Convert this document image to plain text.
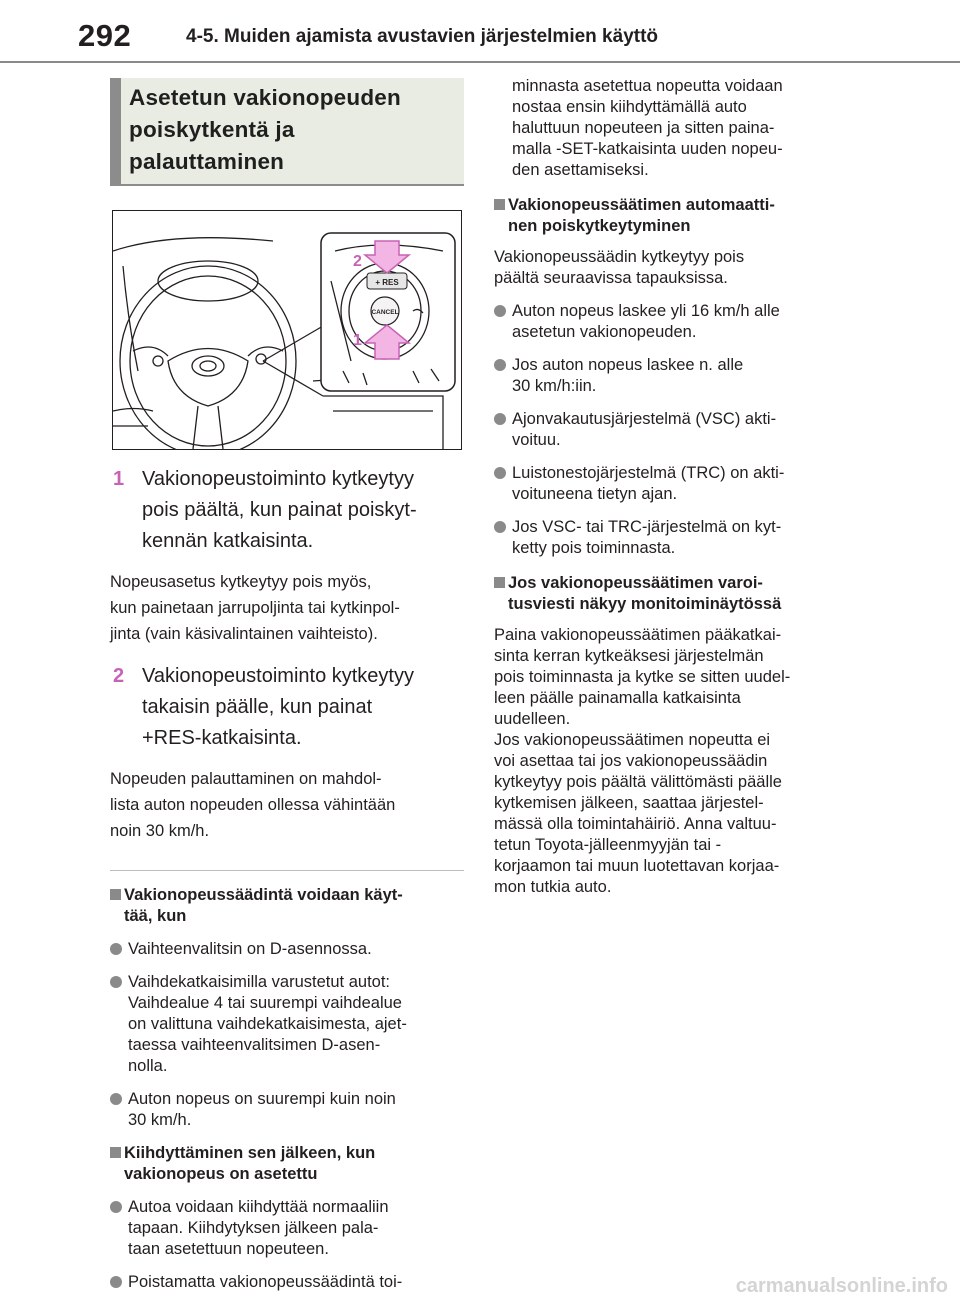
292	4-5. Muiden ajamista avustavien järjestelmien käyttö
Asetetun vakionopeuden
poiskytkentä ja
palauttaminen
+ RES
CANCEL
2
1
1 Vakionopeustoiminto kytkeytyy
pois päältä, kun painat poiskyt-
kennän katkaisinta.
Nopeusasetus kytkeytyy pois myös,
kun painetaan jarrupoljinta tai kytkinpol-
jinta (vain käsivalintainen vaihteisto).
2 Vakionopeustoiminto kytkeytyy
takaisin päälle, kun painat
+RES-katkaisinta.
Nopeuden palauttaminen on mahdol-
lista auton nopeuden ollessa vähintään
noin 30 km/h.
Vakionopeussäädintä voidaan käyt-
tää, kun
Vaihteenvalitsin on D-asennossa.
Vaihdekatkaisimilla varustetut autot:
Vaihdealue 4 tai suurempi vaihdealue
on valittuna vaihdekatkaisimesta, ajet-
taessa vaihteenvalitsimen D-asen-
nolla.
Auton nopeus on suurempi kuin noin
30 km/h.
Kiihdyttäminen sen jälkeen, kun
vakionopeus on asetettu
Autoa voidaan kiihdyttää normaaliin
tapaan. Kiihdytyksen jälkeen pala-
taan asetettuun nopeuteen.
Poistamatta vakionopeussäädintä toi-
minnasta asetettua nopeutta voidaan
nostaa ensin kiihdyttämällä auto
haluttuun nopeuteen ja sitten paina-
malla -SET-katkaisinta uuden nopeu-
den asettamiseksi.
Vakionopeussäätimen automaatti-
nen poiskytkeytyminen
Vakionopeussäädin kytkeytyy pois
päältä seuraavissa tapauksissa.
Auton nopeus laskee yli 16 km/h alle
asetetun vakionopeuden.
Jos auton nopeus laskee n. alle
30 km/h:iin.
Ajonvakautusjärjestelmä (VSC) akti-
voituu.
Luistonestojärjestelmä (TRC) on akti-
voituneena tietyn ajan.
Jos VSC- tai TRC-järjestelmä on kyt-
ketty pois toiminnasta.
Jos vakionopeussäätimen varoi-
tusviesti näkyy monitoiminäytössä
Paina vakionopeussäätimen pääkatkai-
sinta kerran kytkeäksesi järjestelmän
pois toiminnasta ja kytke se sitten uudel-
leen päälle painamalla katkaisinta
uudelleen.
Jos vakionopeussäätimen nopeutta ei
voi asettaa tai jos vakionopeussäädin
kytkeytyy pois päältä välittömästi päälle
kytkemisen jälkeen, saattaa järjestel-
mässä olla toimintahäiriö. Anna valtuu-
tetun Toyota-jälleenmyyjän tai -
korjaamon tai muun luotettavan korjaa-
mon tutkia auto.
carmanualsonline.info
